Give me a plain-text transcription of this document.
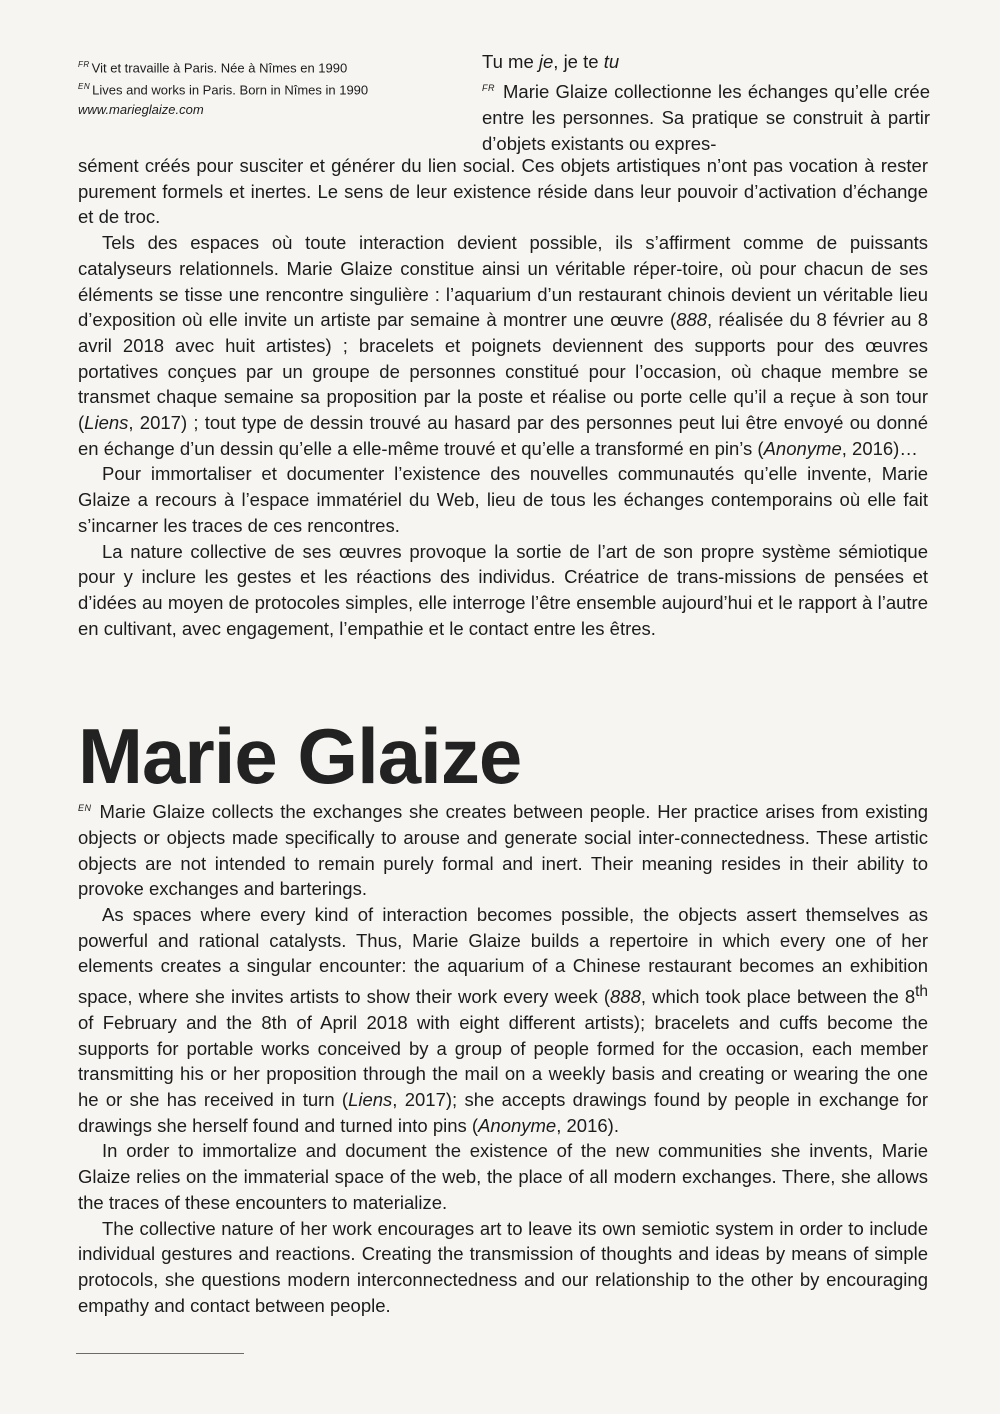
$^{FR}$ Vit et travaille à Paris. Née à Nîmes en 1990
$^{EN}$ Lives and works in Paris. Born in Nîmes in 1990
www.marieglaize.com
Tu me je, je te tu
$^{FR}$ Marie Glaize collectionne les échanges qu’elle crée entre les personnes. Sa pratique se construit à partir d’objets existants ou expres-

sément créés pour susciter et générer du lien social. Ces objets artistiques n’ont pas vocation à rester purement formels et inertes. Le sens de leur existence réside dans leur pouvoir d’activation d’échange et de troc.

Tels des espaces où toute interaction devient possible, ils s’affirment comme de puissants catalyseurs relationnels. Marie Glaize constitue ainsi un véritable réper-toire, où pour chacun de ses éléments se tisse une rencontre singulière : l’aquarium d’un restaurant chinois devient un véritable lieu d’exposition où elle invite un artiste par semaine à montrer une œuvre (888, réalisée du 8 février au 8 avril 2018 avec huit artistes) ; bracelets et poignets deviennent des supports pour des œuvres portatives conçues par un groupe de personnes constitué pour l’occasion, où chaque membre se transmet chaque semaine sa proposition par la poste et réalise ou porte celle qu’il a reçue à son tour (Liens, 2017) ; tout type de dessin trouvé au hasard par des personnes peut lui être envoyé ou donné en échange d’un dessin qu’elle a elle-même trouvé et qu’elle a transformé en pin’s (Anonyme, 2016)…

Pour immortaliser et documenter l’existence des nouvelles communautés qu’elle invente, Marie Glaize a recours à l’espace immatériel du Web, lieu de tous les échanges contemporains où elle fait s’incarner les traces de ces rencontres.

La nature collective de ses œuvres provoque la sortie de l’art de son propre système sémiotique pour y inclure les gestes et les réactions des individus. Créatrice de trans-missions de pensées et d’idées au moyen de protocoles simples, elle interroge l’être ensemble aujourd’hui et le rapport à l’autre en cultivant, avec engagement, l’empathie et le contact entre les êtres.

Marie Glaize

$^{EN}$ Marie Glaize collects the exchanges she creates between people. Her practice arises from existing objects or objects made specifically to arouse and generate social inter-connectedness. These artistic objects are not intended to remain purely formal and inert. Their meaning resides in their ability to provoke exchanges and barterings.

As spaces where every kind of interaction becomes possible, the objects assert themselves as powerful and rational catalysts. Thus, Marie Glaize builds a repertoire in which every one of her elements creates a singular encounter: the aquarium of a Chinese restaurant becomes an exhibition space, where she invites artists to show their work every week (888, which took place between the 8th of February and the 8th of April 2018 with eight different artists); bracelets and cuffs become the supports for portable works conceived by a group of people formed for the occasion, each member transmitting his or her proposition through the mail on a weekly basis and creating or wearing the one he or she has received in turn (Liens, 2017); she accepts drawings found by people in exchange for drawings she herself found and turned into pins (Anonyme, 2016).

In order to immortalize and document the existence of the new communities she invents, Marie Glaize relies on the immaterial space of the web, the place of all modern exchanges. There, she allows the traces of these encounters to materialize.

The collective nature of her work encourages art to leave its own semiotic system in order to include individual gestures and reactions. Creating the transmission of thoughts and ideas by means of simple protocols, she questions modern interconnectedness and our relationship to the other by encouraging empathy and contact between people.
